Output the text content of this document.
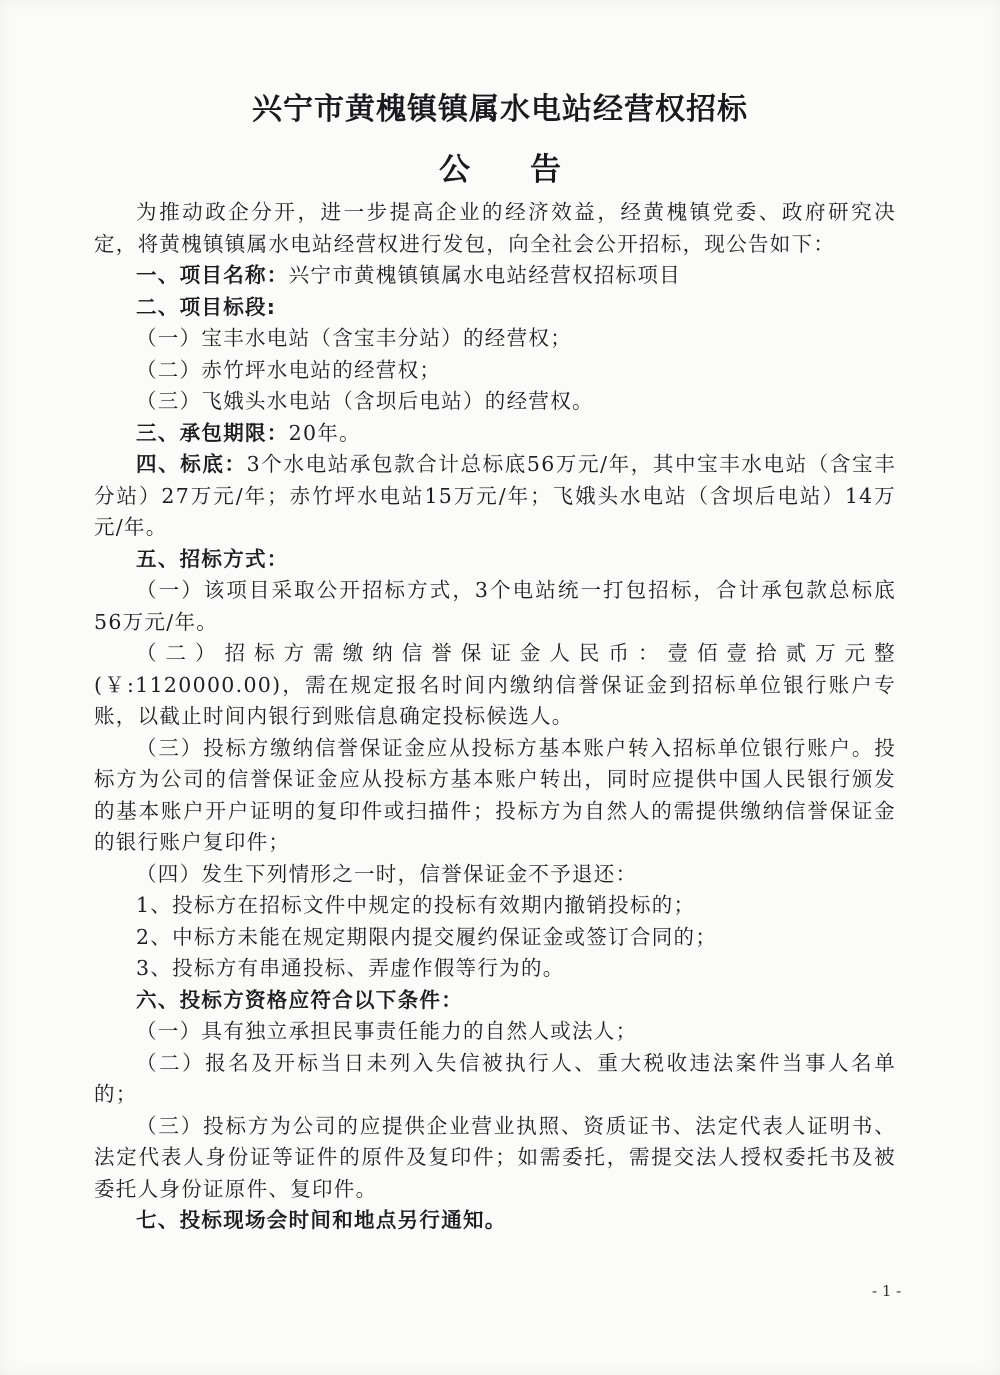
兴宁市黄槐镇镇属水电站经营权招标
公告

为推动政企分开，进一步提高企业的经济效益，经黄槐镇党委、政府研究决定，将黄槐镇镇属水电站经营权进行发包，向全社会公开招标，现公告如下：

一、项目名称：兴宁市黄槐镇镇属水电站经营权招标项目

二、项目标段:

（一）宝丰水电站（含宝丰分站）的经营权；

（二）赤竹坪水电站的经营权；

（三）飞娥头水电站（含坝后电站）的经营权。

三、承包期限：20年。

四、标底：3个水电站承包款合计总标底56万元/年，其中宝丰水电站（含宝丰分站）27万元/年；赤竹坪水电站15万元/年；飞娥头水电站（含坝后电站）14万元/年。

五、招标方式：

（一）该项目采取公开招标方式，3个电站统一打包招标，合计承包款总标底56万元/年。

（二）招标方需缴纳信誉保证金人民币：壹佰壹拾贰万元整(￥:1120000.00)，需在规定报名时间内缴纳信誉保证金到招标单位银行账户专账，以截止时间内银行到账信息确定投标候选人。

（三）投标方缴纳信誉保证金应从投标方基本账户转入招标单位银行账户。投标方为公司的信誉保证金应从投标方基本账户转出，同时应提供中国人民银行颁发的基本账户开户证明的复印件或扫描件；投标方为自然人的需提供缴纳信誉保证金的银行账户复印件；

（四）发生下列情形之一时，信誉保证金不予退还：

1、投标方在招标文件中规定的投标有效期内撤销投标的；

2、中标方未能在规定期限内提交履约保证金或签订合同的；

3、投标方有串通投标、弄虚作假等行为的。

六、投标方资格应符合以下条件：

（一）具有独立承担民事责任能力的自然人或法人；

（二）报名及开标当日未列入失信被执行人、重大税收违法案件当事人名单的；

（三）投标方为公司的应提供企业营业执照、资质证书、法定代表人证明书、法定代表人身份证等证件的原件及复印件；如需委托，需提交法人授权委托书及被委托人身份证原件、复印件。

七、投标现场会时间和地点另行通知。

- 1 -
